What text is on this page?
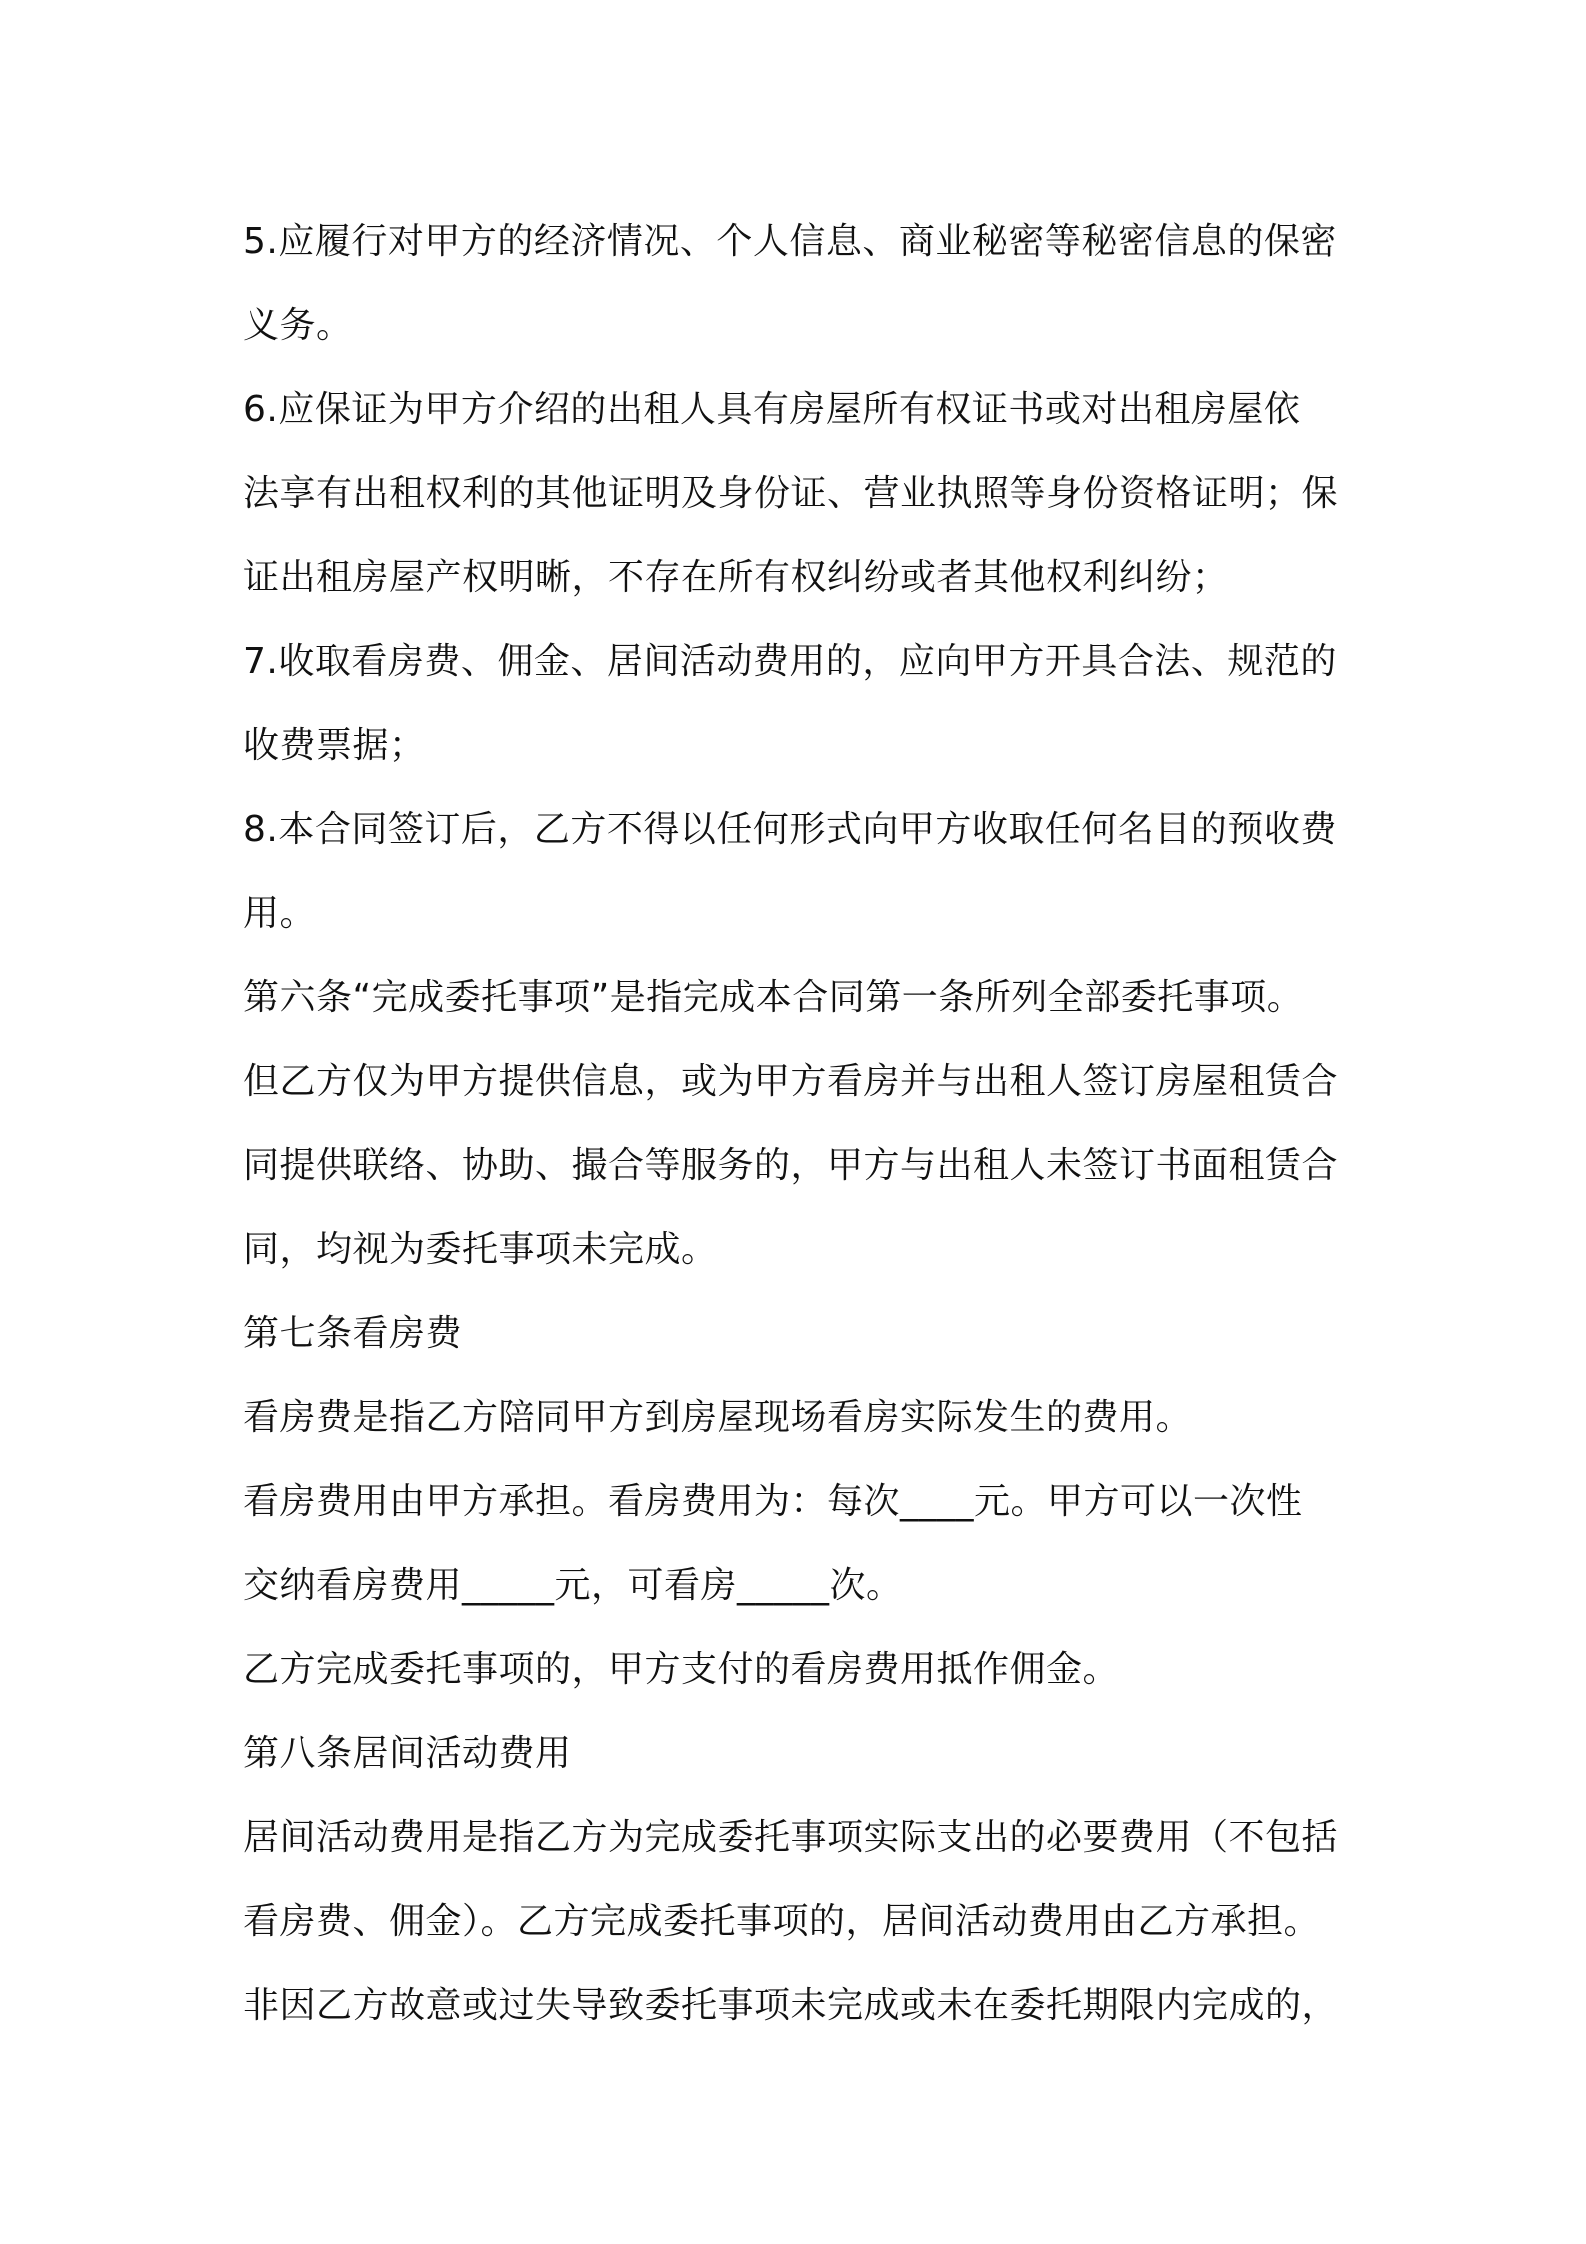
5.应履行对甲方的经济情况、个人信息、商业秘密等秘密信息的保密
义务。
6.应保证为甲方介绍的出租人具有房屋所有权证书或对出租房屋依
法享有出租权利的其他证明及身份证、营业执照等身份资格证明；保
证出租房屋产权明晰，不存在所有权纠纷或者其他权利纠纷；
7.收取看房费、佣金、居间活动费用的，应向甲方开具合法、规范的
收费票据；
8.本合同签订后，乙方不得以任何形式向甲方收取任何名目的预收费
用。
第六条“完成委托事项”是指完成本合同第一条所列全部委托事项。
但乙方仅为甲方提供信息，或为甲方看房并与出租人签订房屋租赁合
同提供联络、协助、撮合等服务的，甲方与出租人未签订书面租赁合
同，均视为委托事项未完成。
第七条看房费
看房费是指乙方陪同甲方到房屋现场看房实际发生的费用。
看房费用由甲方承担。看房费用为：每次____元。甲方可以一次性
交纳看房费用_____元，可看房_____次。
乙方完成委托事项的，甲方支付的看房费用抵作佣金。
第八条居间活动费用
居间活动费用是指乙方为完成委托事项实际支出的必要费用（不包括
看房费、佣金）。乙方完成委托事项的，居间活动费用由乙方承担。
非因乙方故意或过失导致委托事项未完成或未在委托期限内完成的，
